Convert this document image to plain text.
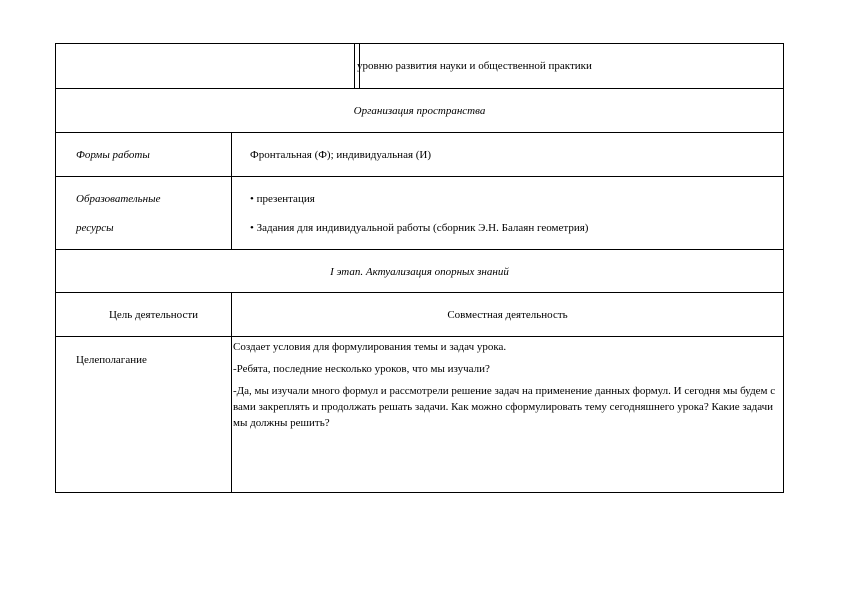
уровню развития науки и общественной практики
Организация пространства
Формы работы	Фронтальная (Ф); индивидуальная (И)
Образовательные
ресурсы
• презентация
• Задания для индивидуальной работы (сборник Э.Н. Балаян геометрия)
I этап. Актуализация опорных знаний
Цель деятельности	Совместная деятельность
Целеполагание

Создает условия для формулирования темы и задач урока.

-Ребята, последние несколько уроков, что мы изучали?

-Да, мы изучали много формул и рассмотрели решение задач на применение данных формул. И сегодня мы будем с вами закреплять и продолжать решать задачи. Как можно сформулировать тему сегодняшнего урока? Какие задачи мы должны решить?
